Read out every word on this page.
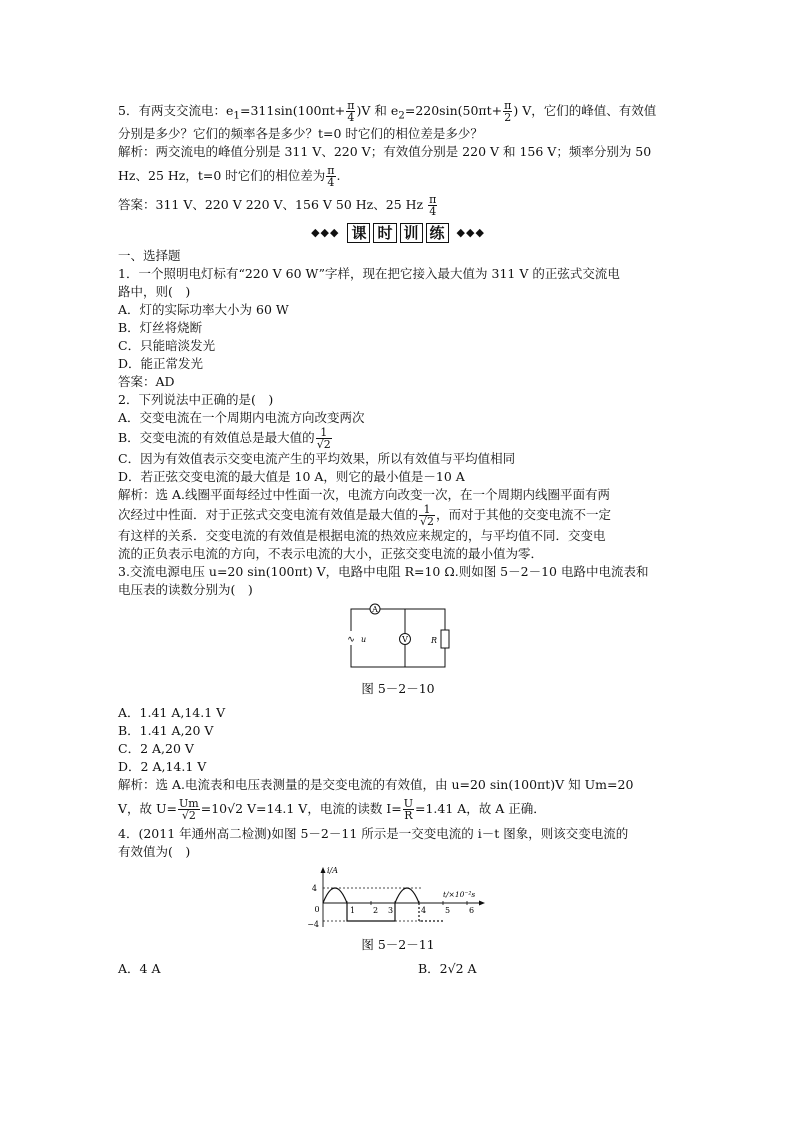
5．有两支交流电：$e_1=311\sin(100\pi t+ \frac{\pi}{4} )V$ 和 $e_2=220\sin(50\pi t+ \frac{\pi}{2}$ ) V，它们的峰值、有效值

分别是多少？它们的频率各是多少？t=0 时它们的相位差是多少？

解析：两交流电的峰值分别是 311 V、220 V；有效值分别是 220 V 和 156 V；频率分别为 50

Hz、25 Hz，t=0 时它们的相位差为 $\frac{\pi}{4}$ .

答案：311 V、220 V 220 V、156 V 50 Hz、25 Hz $\frac{\pi}{4}$

◆◆◆ 课 时 训 练	◆◆◆

一、选择题

1．一个照明电灯标有“220 V 60 W”字样，现在把它接入最大值为 311 V 的正弦式交流电

路中，则(　)

A．灯的实际功率大小为 60 W

B．灯丝将烧断

C．只能暗淡发光

D．能正常发光

答案：AD

2．下列说法中正确的是(　)

A．交变电流在一个周期内电流方向改变两次

B．交变电流的有效值总是最大值的 $\frac{1}{√2}$

C．因为有效值表示交变电流产生的平均效果，所以有效值与平均值相同

D．若正弦交变电流的最大值是 10 A，则它的最小值是－10 A

解析：选 A.线圈平面每经过中性面一次，电流方向改变一次，在一个周期内线圈平面有两

次经过中性面．对于正弦式交变电流有效值是最大值的 $\frac{1}{√2}$ ，而对于其他的交变电流不一定

有这样的关系．交变电流的有效值是根据电流的热效应来规定的，与平均值不同．交变电

流的正负表示电流的方向，不表示电流的大小，正弦交变电流的最小值为零．

3.交流电源电压 u=20 sin(100πt) V，电路中电阻 R=10 Ω.则如图 5－2－10 电路中电流表和

电压表的读数分别为(　)

A
V
∿ u	R
图 5－2－10

A．1.41 A,14.1 V

B．1.41 A,20 V

C．2 A,20 V

D．2 A,14.1 V

解析：选 A.电流表和电压表测量的是交变电流的有效值，由 u=20 sin(100πt)V 知 Um=20

V，故 $U= \frac{Um}{√2} =10√2$ V=14.1 V，电流的读数 $I= \frac{U}{R} =1.41$ A，故 A 正确．

4．(2011 年通州高二检测)如图 5－2－11 所示是一交变电流的 i－t 图象，则该交变电流的

有效值为(　)

i/A
t/×10⁻²s
4
−4
0	1 2 3	4 5 6
图 5－2－11

A．4 A	B．2√2 A
